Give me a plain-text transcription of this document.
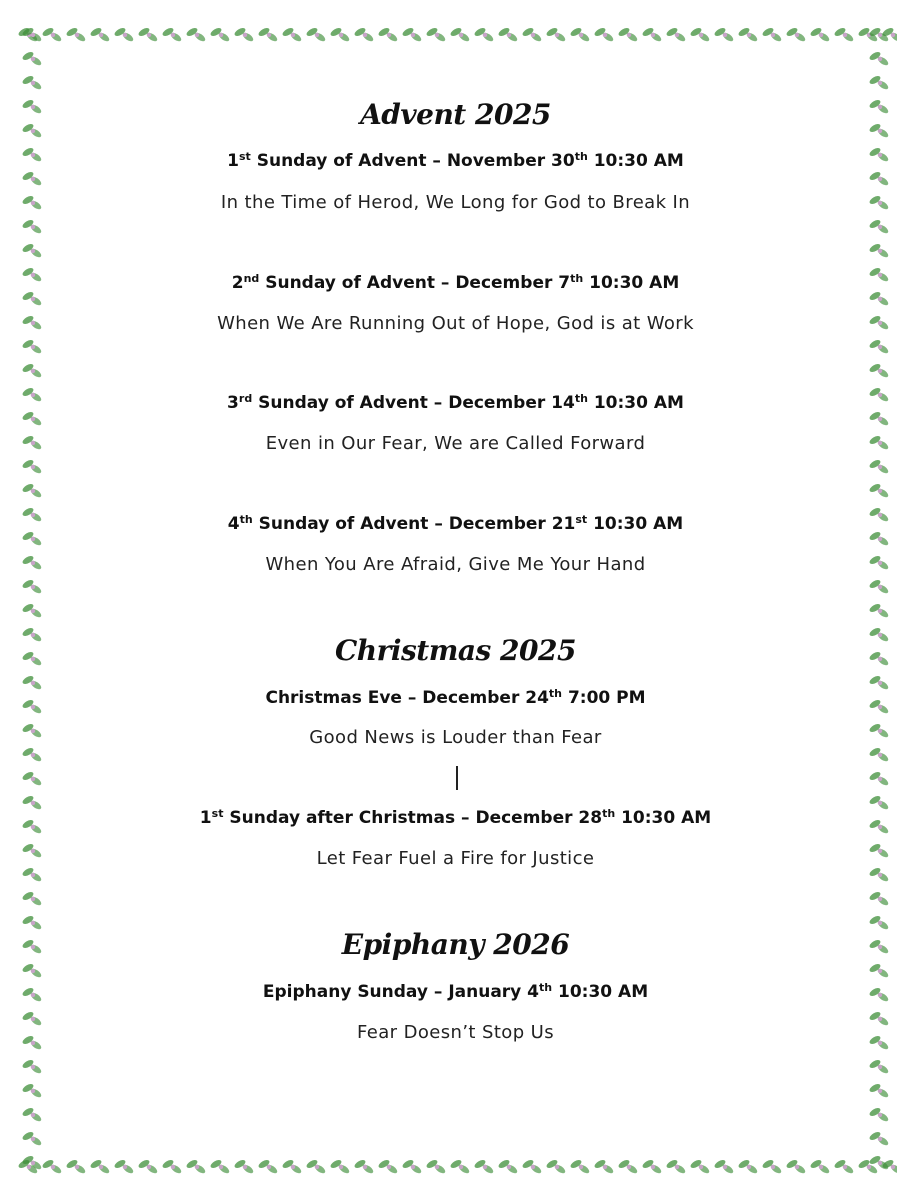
Advent 2025
1st Sunday of Advent – November 30th 10:30 AM
In the Time of Herod, We Long for God to Break In
2nd Sunday of Advent – December 7th 10:30 AM
When We Are Running Out of Hope, God is at Work
3rd Sunday of Advent – December 14th 10:30 AM
Even in Our Fear, We are Called Forward
4th Sunday of Advent – December 21st 10:30 AM
When You Are Afraid, Give Me Your Hand
Christmas 2025
Christmas Eve – December 24th 7:00 PM
Good News is Louder than Fear
1st Sunday after Christmas – December 28th 10:30 AM
Let Fear Fuel a Fire for Justice
Epiphany 2026
Epiphany Sunday – January 4th 10:30 AM
Fear Doesn’t Stop Us
